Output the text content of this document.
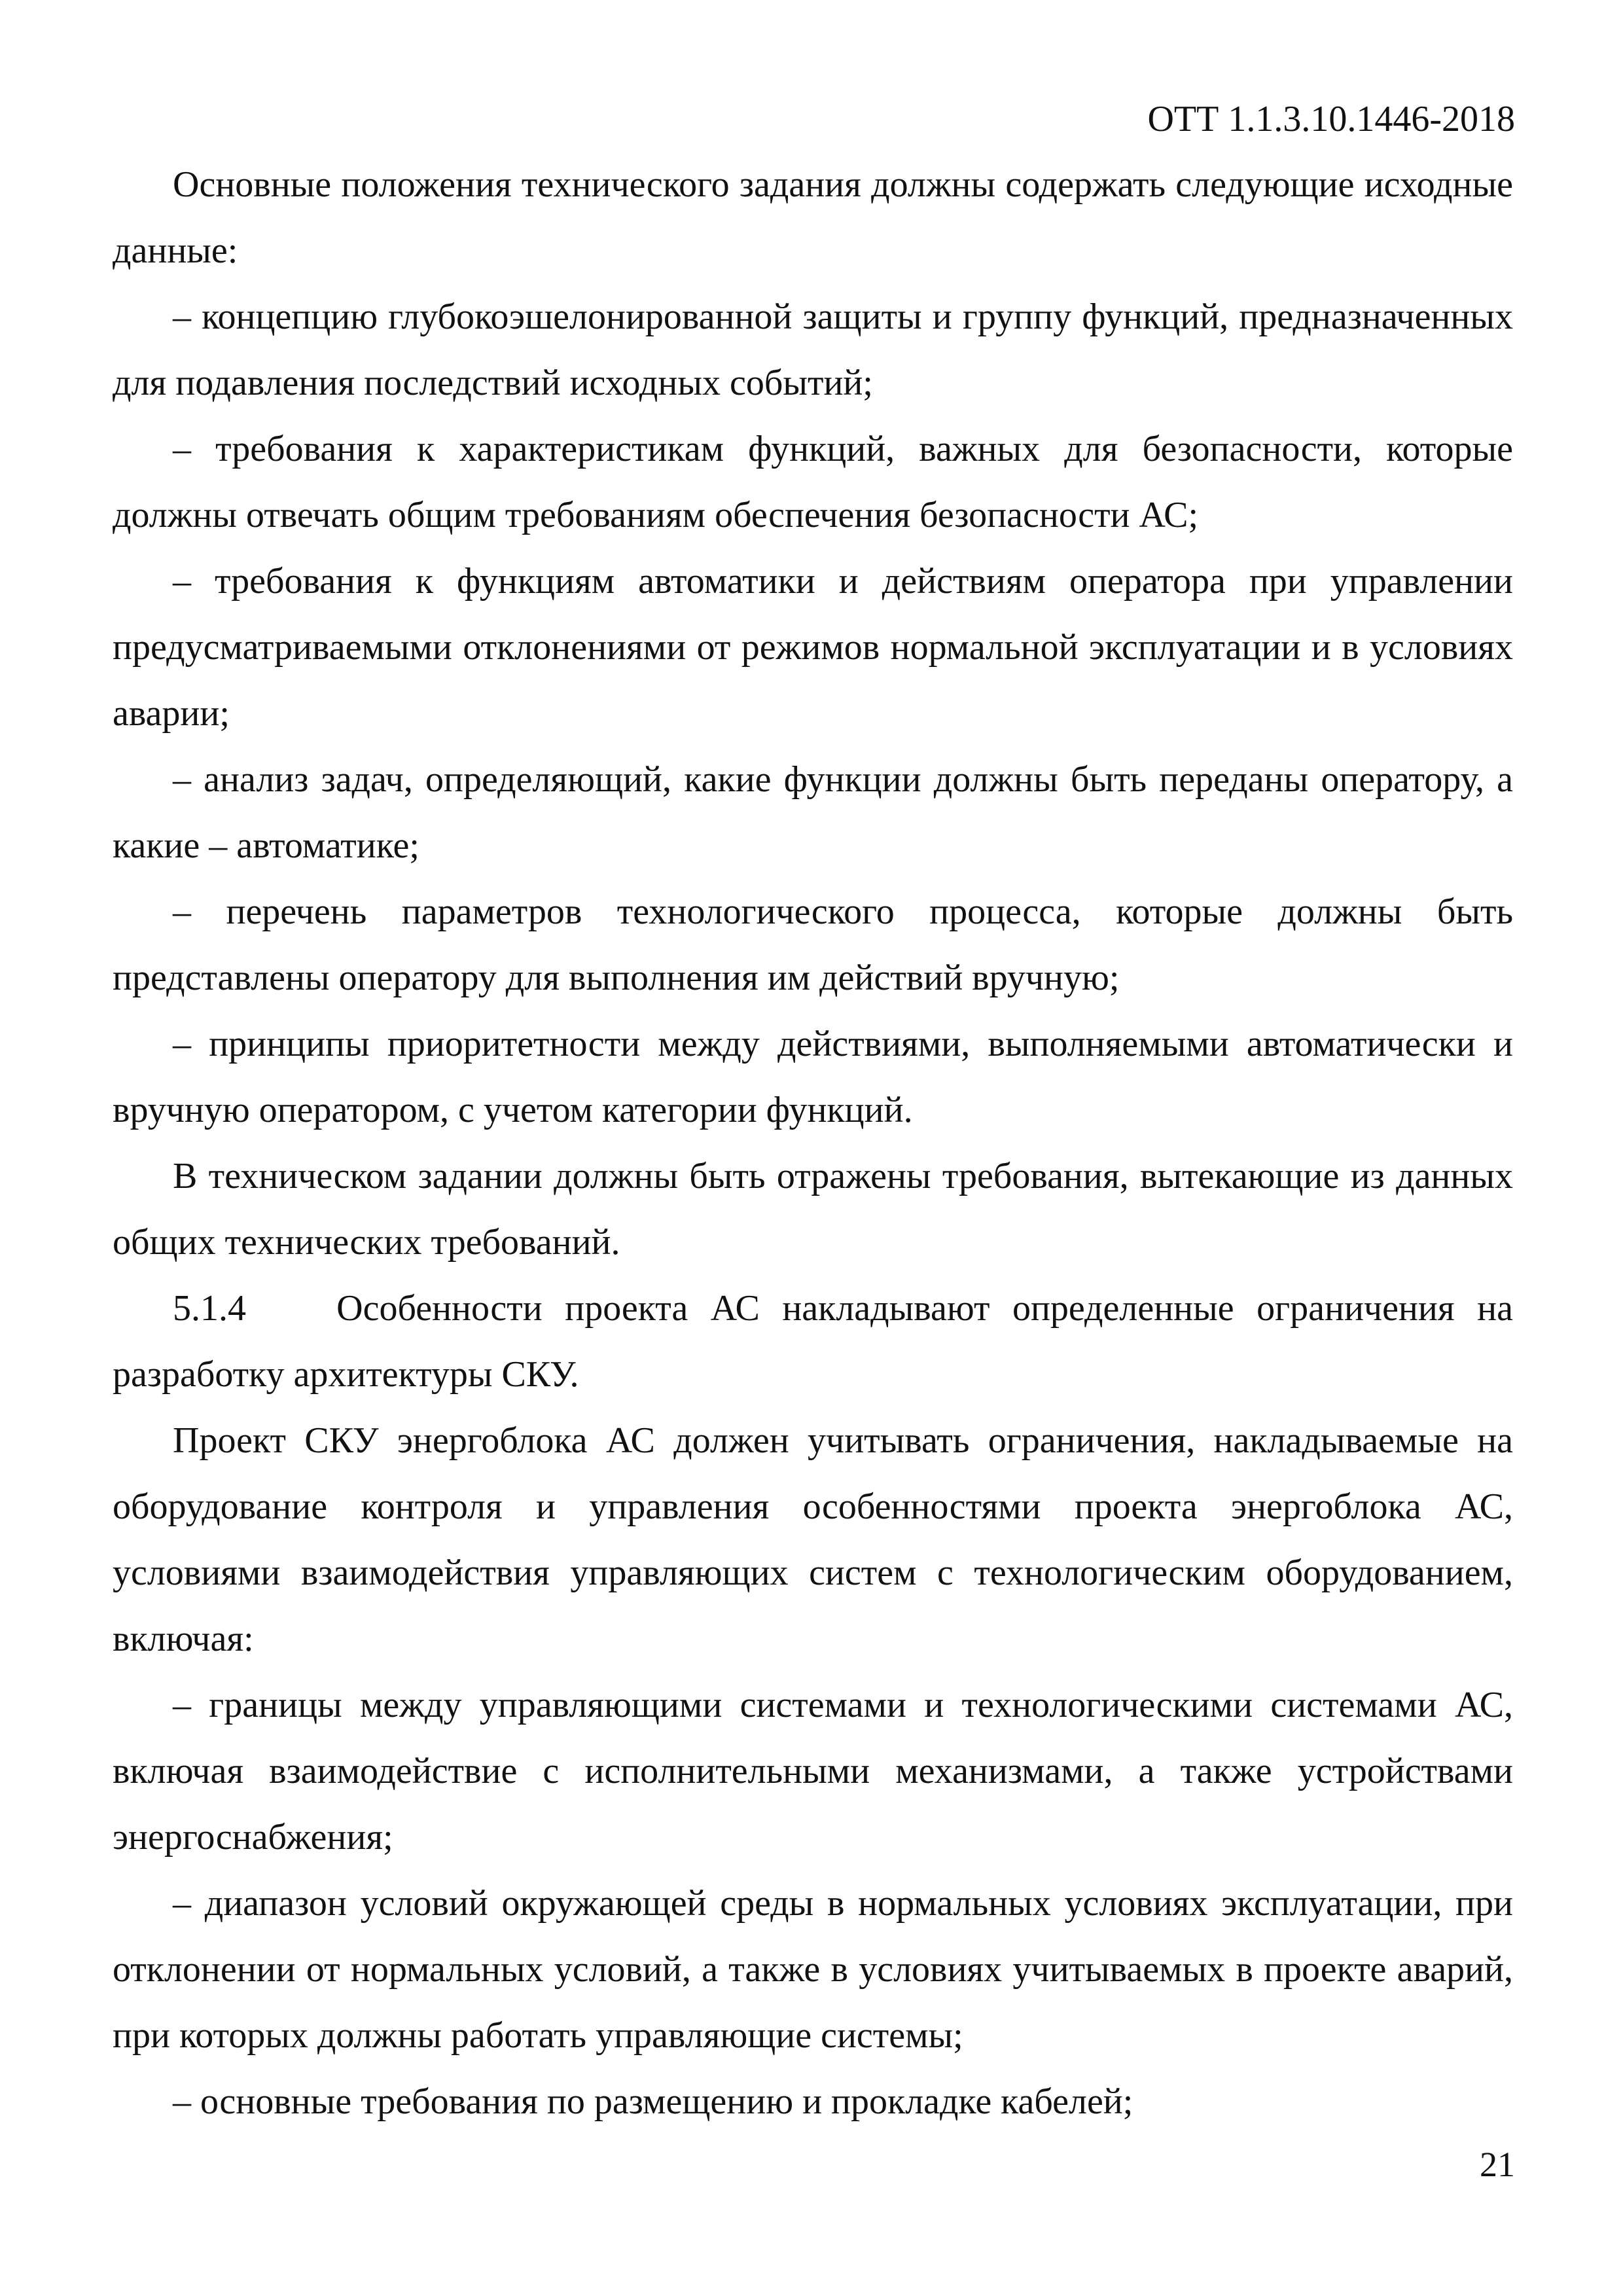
ОТТ 1.1.3.10.1446-2018

Основные положения технического задания должны содержать следующие исходные данные:

– концепцию глубокоэшелонированной защиты и группу функций, предназначенных для подавления последствий исходных событий;

– требования к характеристикам функций, важных для безопасности, которые должны отвечать общим требованиям обеспечения безопасности АС;

– требования к функциям автоматики и действиям оператора при управлении предусматриваемыми отклонениями от режимов нормальной эксплуатации и в условиях аварии;

– анализ задач, определяющий, какие функции должны быть переданы оператору, а какие – автоматике;

– перечень параметров технологического процесса, которые должны быть представлены оператору для выполнения им действий вручную;

– принципы приоритетности между действиями, выполняемыми автоматически и вручную оператором, с учетом категории функций.

В техническом задании должны быть отражены требования, вытекающие из данных общих технических требований.

5.1.4    Особенности проекта АС накладывают определенные ограничения на разработку архитектуры СКУ.

Проект СКУ энергоблока АС должен учитывать ограничения, накладываемые на оборудование контроля и управления особенностями проекта энергоблока АС, условиями взаимодействия управляющих систем с технологическим оборудованием, включая:

– границы между управляющими системами и технологическими системами АС, включая взаимодействие с исполнительными механизмами, а также устройствами энергоснабжения;

– диапазон условий окружающей среды в нормальных условиях эксплуатации, при отклонении от нормальных условий, а также в условиях учитываемых в проекте аварий, при которых должны работать управляющие системы;

– основные требования по размещению и прокладке кабелей;

21
